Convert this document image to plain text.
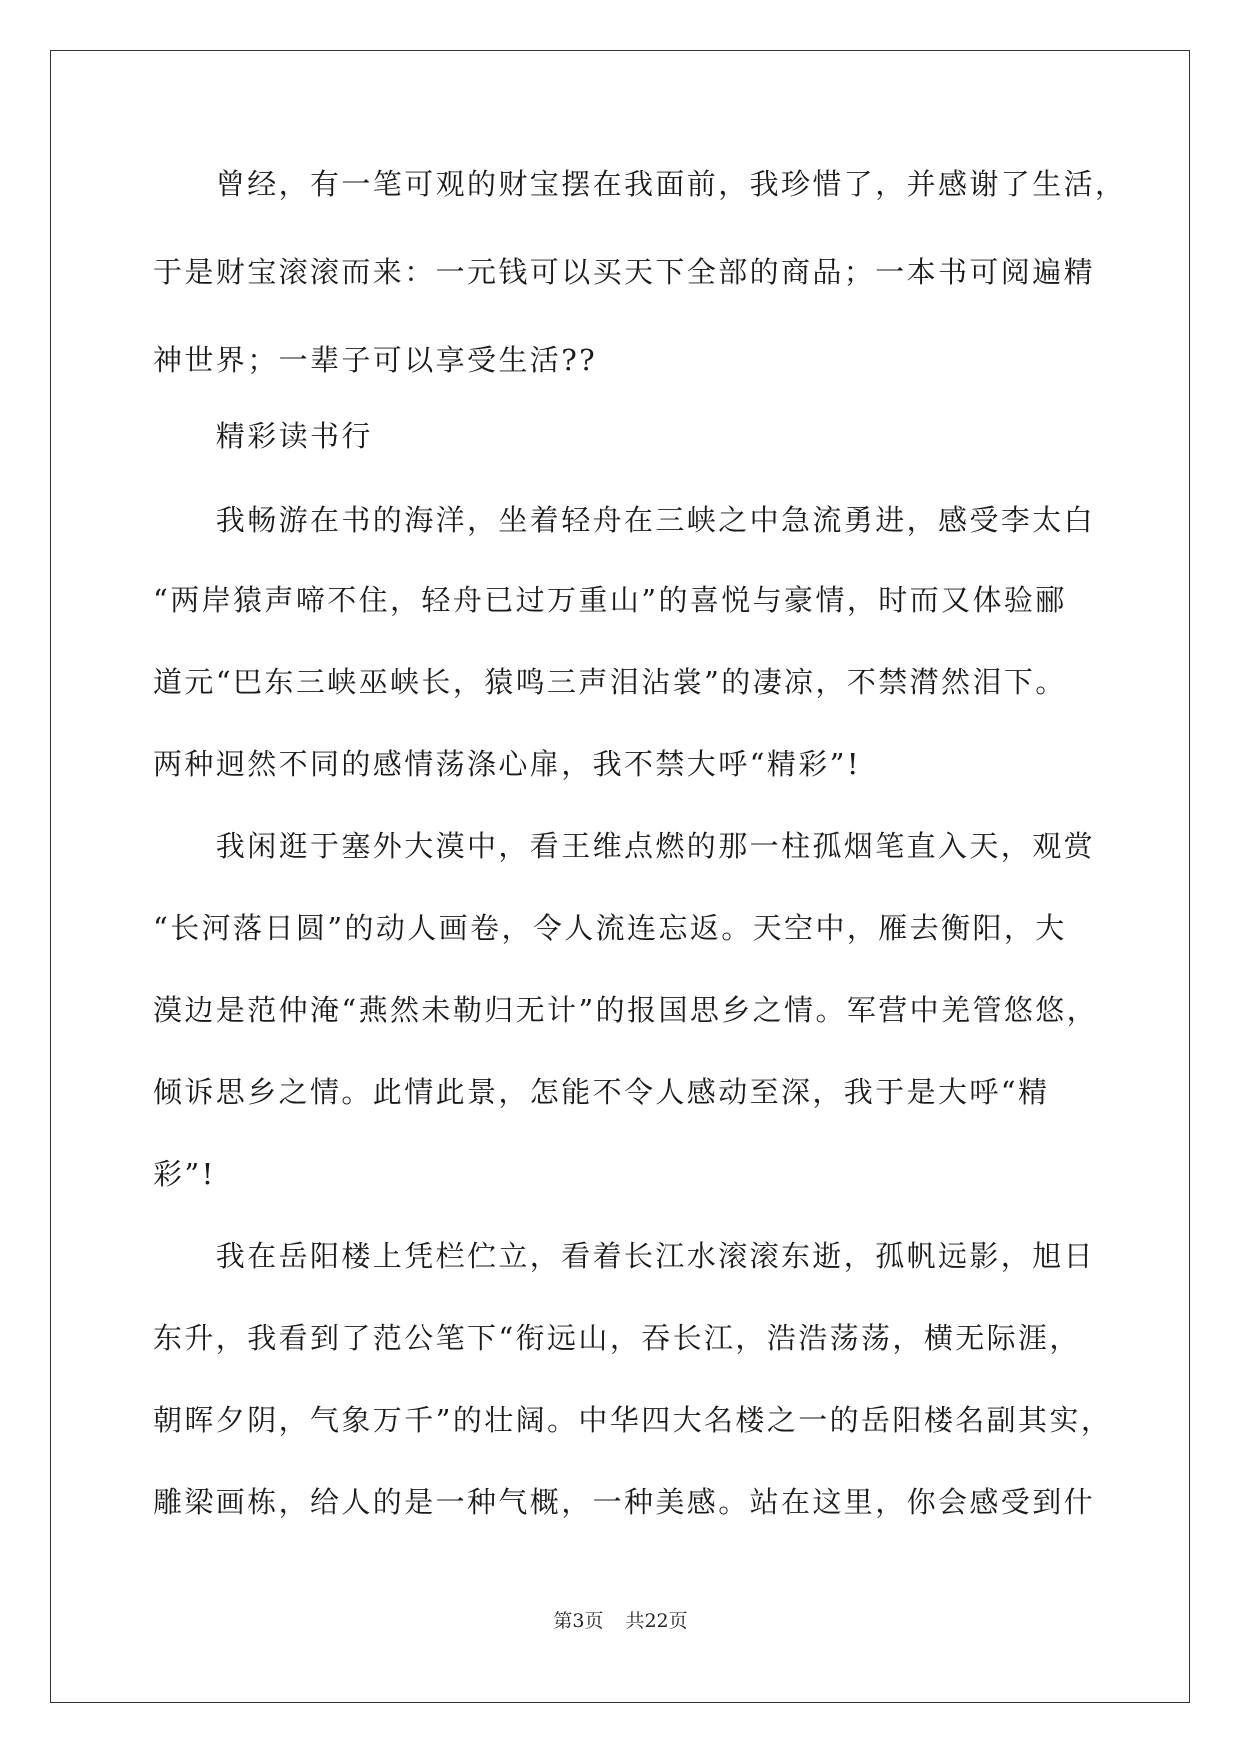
　　曾经，有一笔可观的财宝摆在我面前，我珍惜了，并感谢了生活，
于是财宝滚滚而来：一元钱可以买天下全部的商品；一本书可阅遍精
神世界；一辈子可以享受生活??
　　精彩读书行
　　我畅游在书的海洋，坐着轻舟在三峡之中急流勇进，感受李太白
“两岸猿声啼不住，轻舟已过万重山”的喜悦与豪情，时而又体验郦
道元“巴东三峡巫峡长，猿鸣三声泪沾裳”的凄凉，不禁潸然泪下。
两种迥然不同的感情荡涤心扉，我不禁大呼“精彩”!
　　我闲逛于塞外大漠中，看王维点燃的那一柱孤烟笔直入天，观赏
“长河落日圆”的动人画卷，令人流连忘返。天空中，雁去衡阳，大
漠边是范仲淹“燕然未勒归无计”的报国思乡之情。军营中羌管悠悠，
倾诉思乡之情。此情此景，怎能不令人感动至深，我于是大呼“精
彩”!
　　我在岳阳楼上凭栏伫立，看着长江水滚滚东逝，孤帆远影，旭日
东升，我看到了范公笔下“衔远山，吞长江，浩浩荡荡，横无际涯，
朝晖夕阴，气象万千”的壮阔。中华四大名楼之一的岳阳楼名副其实，
雕梁画栋，给人的是一种气概，一种美感。站在这里，你会感受到什
第3页 共22页
